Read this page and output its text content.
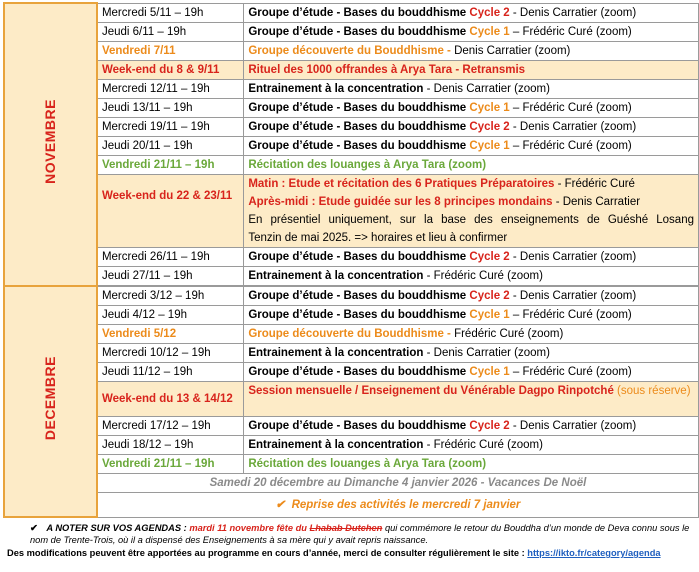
NOVEMBRE	Mercredi 5/11 – 19h	Groupe d’étude - Bases du bouddhisme Cycle 2 - Denis Carratier (zoom)
	Jeudi 6/11 – 19h	Groupe d’étude - Bases du bouddhisme Cycle 1 – Frédéric Curé (zoom)
	Vendredi 7/11	Groupe découverte du Bouddhisme - Denis Carratier (zoom)
	Week-end du 8 & 9/11	Rituel des 1000 offrandes à Arya Tara - Retransmis
	Mercredi 12/11 – 19h	Entrainement à la concentration - Denis Carratier (zoom)
	Jeudi 13/11 – 19h	Groupe d’étude - Bases du bouddhisme Cycle 1 – Frédéric Curé (zoom)
	Mercredi 19/11 – 19h	Groupe d’étude - Bases du bouddhisme Cycle 2 - Denis Carratier (zoom)
	Jeudi 20/11 – 19h	Groupe d’étude - Bases du bouddhisme Cycle 1 – Frédéric Curé (zoom)
	Vendredi 21/11 – 19h	Récitation des louanges à Arya Tara (zoom)
	Week-end du 22 & 23/11	Matin : Etude et récitation des 6 Pratiques Préparatoires - Frédéric Curé
Après-midi : Etude guidée sur les 8 principes mondains - Denis Carratier
En présentiel uniquement, sur la base des enseignements de Guéshé Losang
Tenzin de mai 2025. => horaires et lieu à confirmer

	Mercredi 26/11 – 19h	Groupe d’étude - Bases du bouddhisme Cycle 2 - Denis Carratier (zoom)
	Jeudi 27/11 – 19h	Entrainement à la concentration - Frédéric Curé (zoom)

DECEMBRE	Mercredi 3/12 – 19h	Groupe d’étude - Bases du bouddhisme Cycle 2 - Denis Carratier (zoom)
	Jeudi 4/12 – 19h	Groupe d’étude - Bases du bouddhisme Cycle 1 – Frédéric Curé (zoom)
	Vendredi 5/12	Groupe découverte du Bouddhisme - Frédéric Curé (zoom)
	Mercredi 10/12 – 19h	Entrainement à la concentration - Denis Carratier (zoom)
	Jeudi 11/12 – 19h	Groupe d’étude - Bases du bouddhisme Cycle 1 – Frédéric Curé (zoom)
	Week-end du 13 & 14/12	Session mensuelle / Enseignement du Vénérable Dagpo Rinpotché (sous réserve)
	Mercredi 17/12 – 19h	Groupe d’étude - Bases du bouddhisme Cycle 2 - Denis Carratier (zoom)
	Jeudi 18/12 – 19h	Entrainement à la concentration - Frédéric Curé (zoom)
	Vendredi 21/11 – 19h	Récitation des louanges à Arya Tara (zoom)
	Samedi 20 décembre au Dimanche 4 janvier 2026 - Vacances De Noël	
	✔ Reprise des activités le mercredi 7 janvier	
✔ A NOTER SUR VOS AGENDAS : mardi 11 novembre fête du Lhabab Dutchen qui commémore le retour du Bouddha d’un monde de Deva connu sous le nom de Trente-Trois, où il a dispensé des Enseignements à sa mère qui y avait repris naissance.
Des modifications peuvent être apportées au programme en cours d’année, merci de consulter régulièrement le site : https://ikto.fr/category/agenda
